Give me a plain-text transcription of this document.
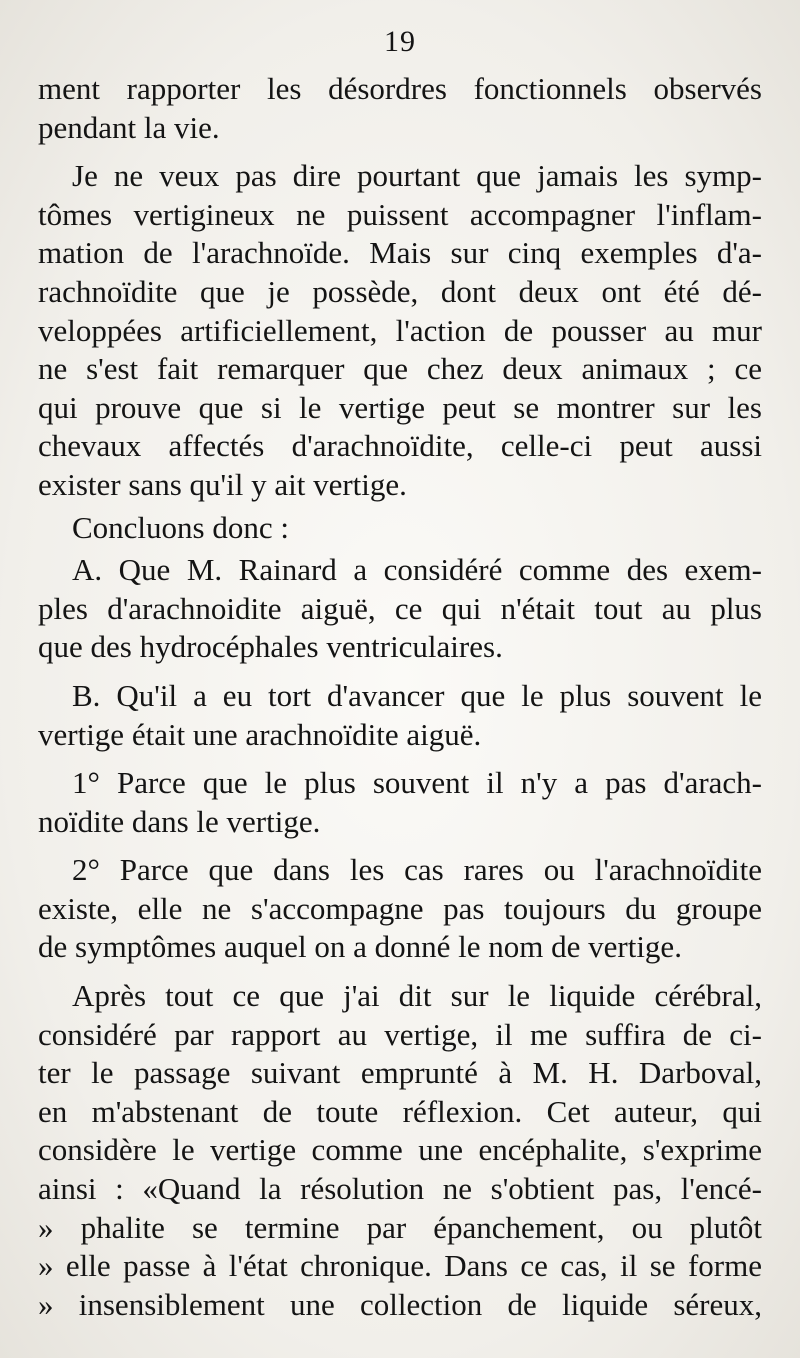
19

ment rapporter les désordres fonctionnels observés
pendant la vie.

Je ne veux pas dire pourtant que jamais les symp-
tômes vertigineux ne puissent accompagner l'inflam-
mation de l'arachnoïde. Mais sur cinq exemples d'a-
rachnoïdite que je possède, dont deux ont été dé-
veloppées artificiellement, l'action de pousser au mur
ne s'est fait remarquer que chez deux animaux ; ce
qui prouve que si le vertige peut se montrer sur les
chevaux affectés d'arachnoïdite, celle-ci peut aussi
exister sans qu'il y ait vertige.

Concluons donc :

A. Que M. Rainard a considéré comme des exem-
ples d'arachnoidite aiguë, ce qui n'était tout au plus
que des hydrocéphales ventriculaires.

B. Qu'il a eu tort d'avancer que le plus souvent le
vertige était une arachnoïdite aiguë.

1° Parce que le plus souvent il n'y a pas d'arach-
noïdite dans le vertige.

2° Parce que dans les cas rares ou l'arachnoïdite
existe, elle ne s'accompagne pas toujours du groupe
de symptômes auquel on a donné le nom de vertige.

Après tout ce que j'ai dit sur le liquide cérébral,
considéré par rapport au vertige, il me suffira de ci-
ter le passage suivant emprunté à M. H. Darboval,
en m'abstenant de toute réflexion. Cet auteur, qui
considère le vertige comme une encéphalite, s'exprime
ainsi : «Quand la résolution ne s'obtient pas, l'encé-
» phalite se termine par épanchement, ou plutôt
» elle passe à l'état chronique. Dans ce cas, il se forme
» insensiblement une collection de liquide séreux,
